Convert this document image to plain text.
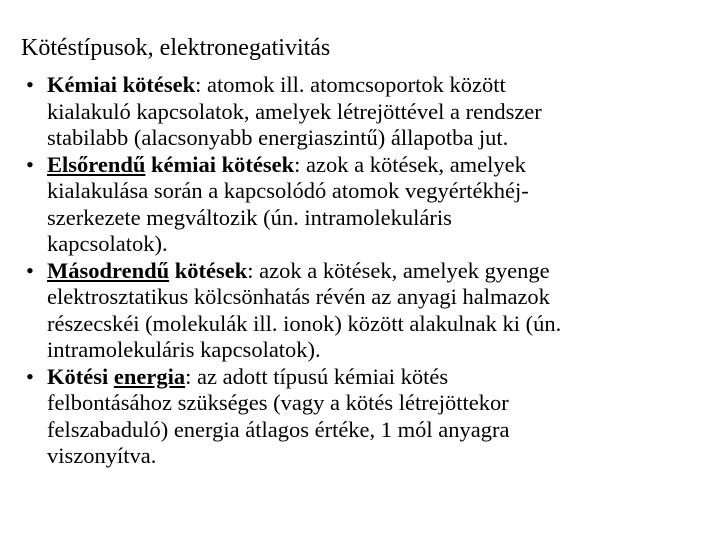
Kötéstípusok, elektronegativitás
• Kémiai kötések: atomok ill. atomcsoportok között
kialakuló kapcsolatok, amelyek létrejöttével a rendszer
stabilabb (alacsonyabb energiaszintű) állapotba jut.
• Elsőrendű kémiai kötések: azok a kötések, amelyek
kialakulása során a kapcsolódó atomok vegyértékhéj-
szerkezete megváltozik (ún. intramolekuláris
kapcsolatok).
• Másodrendű kötések: azok a kötések, amelyek gyenge
elektrosztatikus kölcsönhatás révén az anyagi halmazok
részecskéi (molekulák ill. ionok) között alakulnak ki (ún.
intramolekuláris kapcsolatok).
• Kötési energia: az adott típusú kémiai kötés
felbontásához szükséges (vagy a kötés létrejöttekor
felszabaduló) energia átlagos értéke, 1 mól anyagra
viszonyítva.
